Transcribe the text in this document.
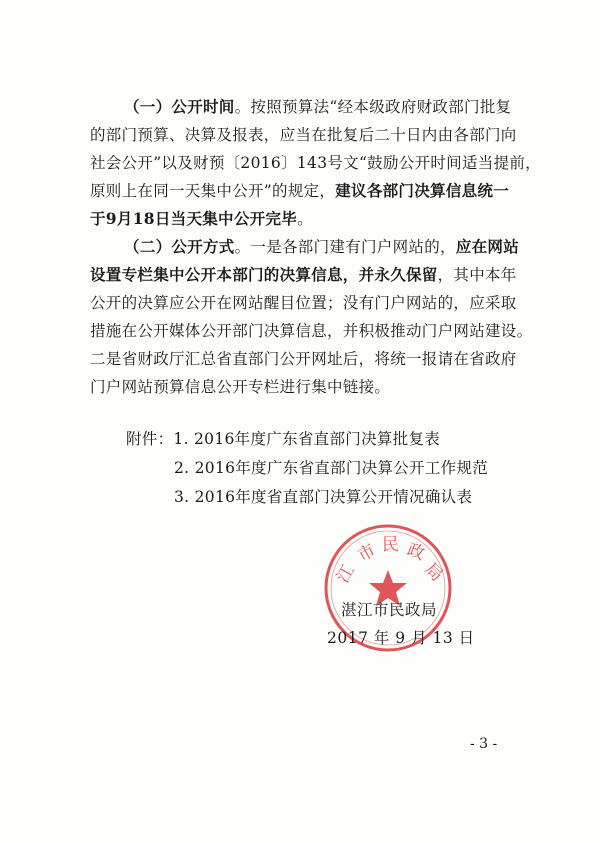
（一）公开时间。按照预算法“经本级政府财政部门批复
的部门预算、决算及报表，应当在批复后二十日内由各部门向
社会公开”以及财预〔2016〕143号文“鼓励公开时间适当提前，
原则上在同一天集中公开”的规定，建议各部门决算信息统一
于9月18日当天集中公开完毕。
（二）公开方式。一是各部门建有门户网站的，应在网站
设置专栏集中公开本部门的决算信息，并永久保留，其中本年
公开的决算应公开在网站醒目位置；没有门户网站的，应采取
措施在公开媒体公开部门决算信息，并积极推动门户网站建设。
二是省财政厅汇总省直部门公开网址后，将统一报请在省政府
门户网站预算信息公开专栏进行集中链接。
附件：1. 2016年度广东省直部门决算批复表
2. 2016年度广东省直部门决算公开工作规范
3. 2016年度省直部门决算公开情况确认表
市 民 政
局
江
湛江市民政局
2017 年 9 月 13 日
- 3 -
